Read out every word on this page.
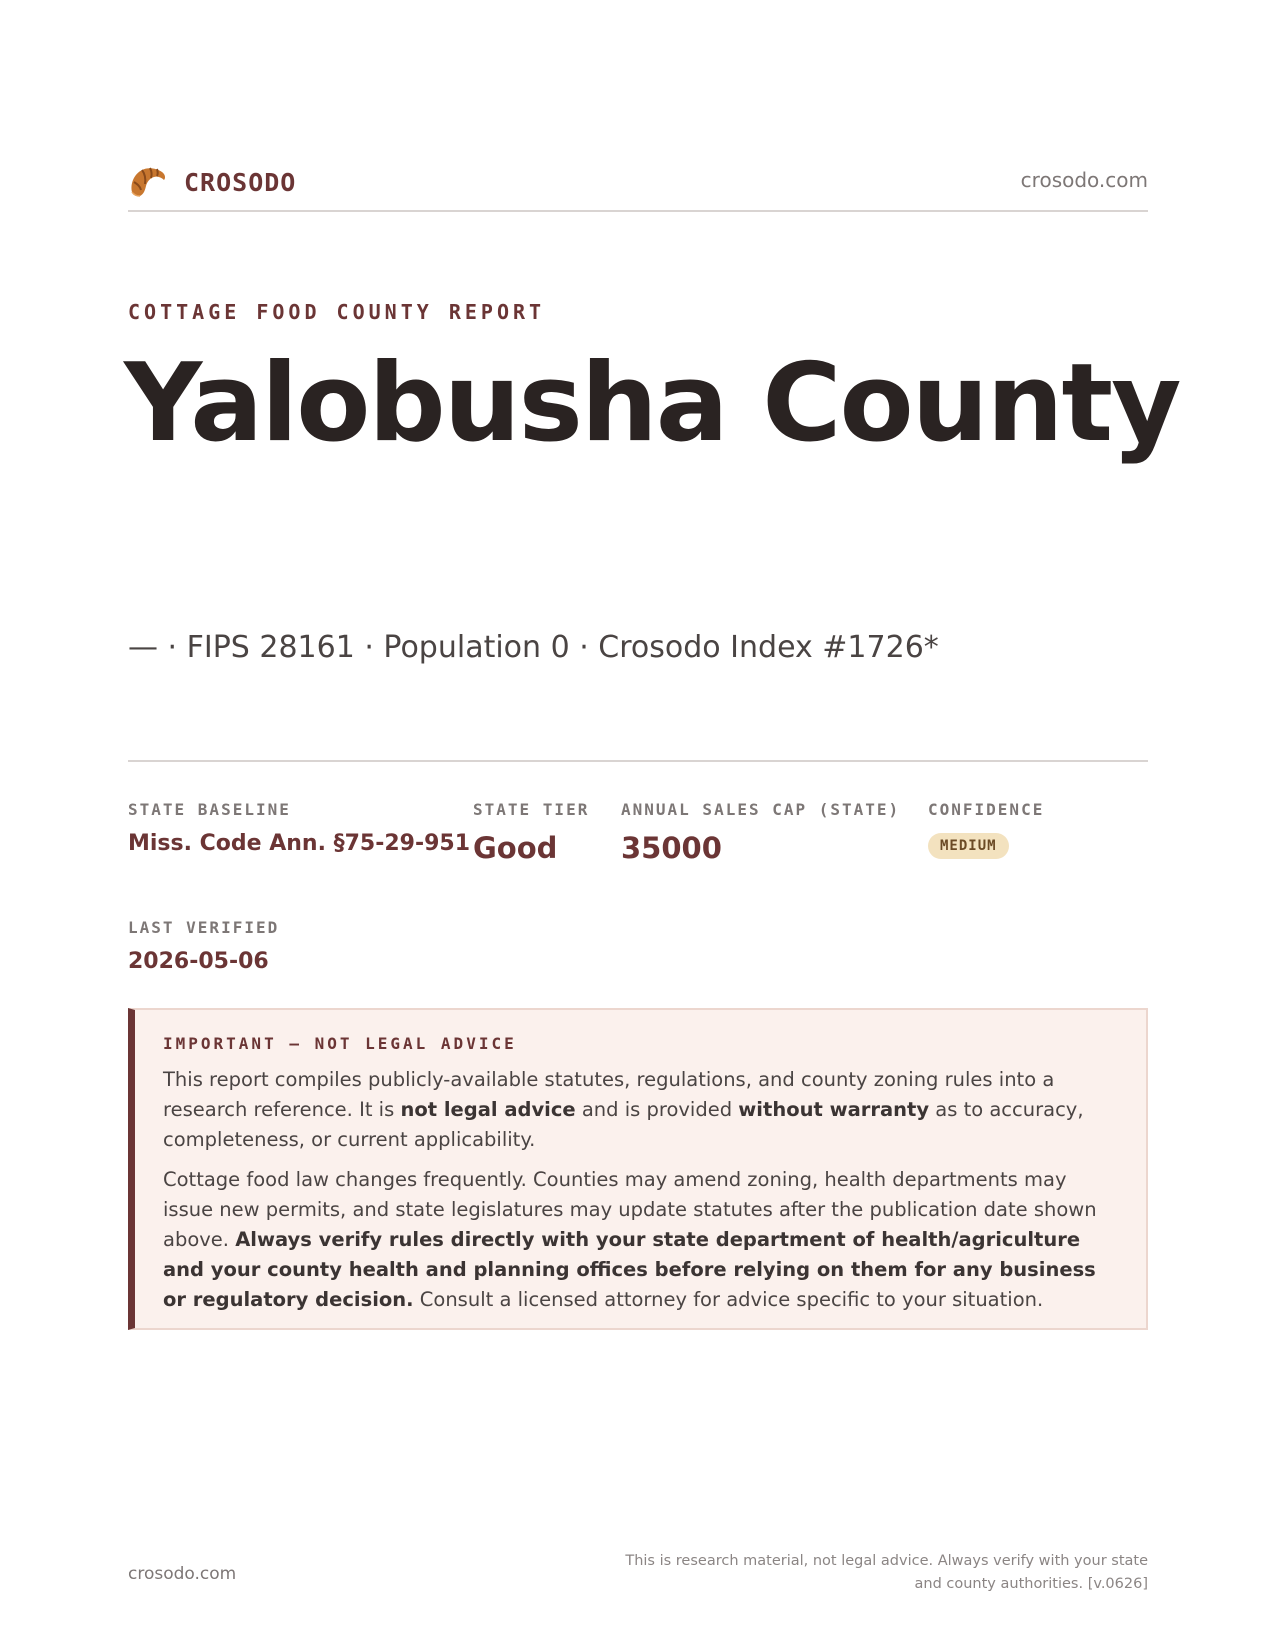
CROSODO	crosodo.com
COTTAGE FOOD COUNTY REPORT
Yalobusha County
— · FIPS 28161 · Population 0 · Crosodo Index #1726*
STATE BASELINE
Miss. Code Ann. §75-29-951
STATE TIER
Good
ANNUAL SALES CAP (STATE)
35000
CONFIDENCE
MEDIUM
LAST VERIFIED
2026-05-06
IMPORTANT — NOT LEGAL ADVICE

This report compiles publicly-available statutes, regulations, and county zoning rules into a research reference. It is not legal advice and is provided without warranty as to accuracy, completeness, or current applicability.

Cottage food law changes frequently. Counties may amend zoning, health departments may issue new permits, and state legislatures may update statutes after the publication date shown above. Always verify rules directly with your state department of health/agriculture and your county health and planning offices before relying on them for any business or regulatory decision. Consult a licensed attorney for advice specific to your situation.

crosodo.com
This is research material, not legal advice. Always verify with your state
and county authorities. [v.0626]
